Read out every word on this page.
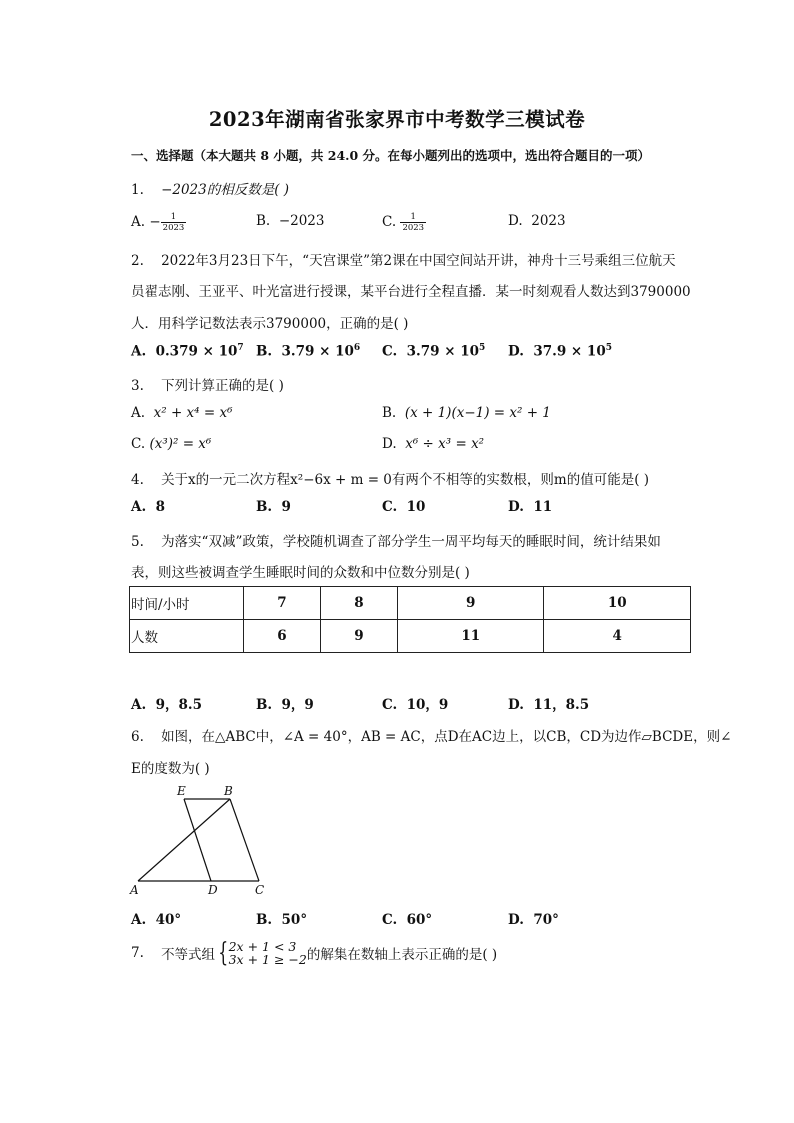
2023年湖南省张家界市中考数学三模试卷
一、选择题（本大题共 8 小题，共 24.0 分。在每小题列出的选项中，选出符合题目的一项）
1. −2023的相反数是( )
A. − $\frac{1}{2023}$	B. −2023	C. $\frac{1}{2023}$	D. 2023
2. 2022年3月23日下午，“天宫课堂”第2课在中国空间站开讲，神舟十三号乘组三位航天
员翟志刚、王亚平、叶光富进行授课，某平台进行全程直播．某一时刻观看人数达到3790000
人．用科学记数法表示3790000，正确的是( )
A. $0.379 \times 10^7$ B. $3.79 \times 10^6$ C. $3.79 \times 10^5$ D. $37.9 \times 10^5$
3. 下列计算正确的是( )
A. x² + x⁴ = x⁶	B. (x + 1)(x−1) = x² + 1
C. (x³)² = x⁶	D. x⁶ ÷ x³ = x²
4. 关于x的一元二次方程x²−6x + m = 0有两个不相等的实数根，则m的值可能是( )
A. 8	B. 9	C. 10	D. 11
5. 为落实“双减”政策，学校随机调查了部分学生一周平均每天的睡眠时间，统计结果如
表，则这些被调查学生睡眠时间的众数和中位数分别是( )
时间/小时	7	8	9	10
人数	6	9	11	4
A. 9，8.5	B. 9，9	C. 10，9	D. 11，8.5
6. 如图，在△ABC中，∠A = 40°，AB = AC，点D在AC边上，以CB，CD为边作▱BCDE，则∠
E的度数为( )
E	B
A	D	C
A. 40°	B. 50°	C. 60°	D. 70°
7. 不等式组 { 2x + 1 < 3
3x + 1 ≥ −2 的解集在数轴上表示正确的是( )
